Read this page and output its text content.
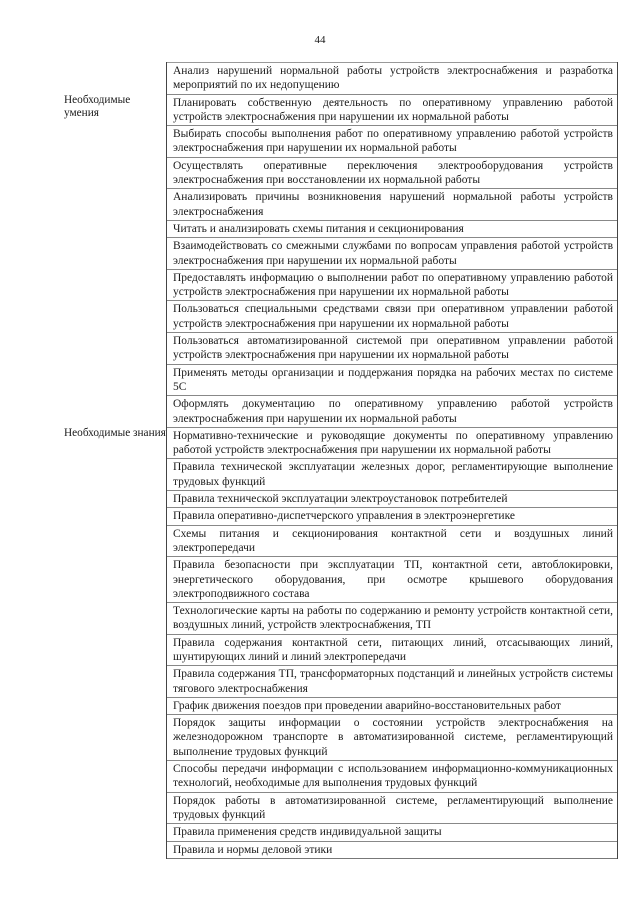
44

	Анализ нарушений нормальной работы устройств электроснабжения и разработка мероприятий по их недопущению

Необходимые умения	Планировать собственную деятельность по оперативному управлению работой устройств электроснабжения при нарушении их нормальной работы

	Выбирать способы выполнения работ по оперативному управлению работой устройств электроснабжения при нарушении их нормальной работы

	Осуществлять оперативные переключения электрооборудования устройств электроснабжения при восстановлении их нормальной работы

	Анализировать причины возникновения нарушений нормальной работы устройств электроснабжения

	Читать и анализировать схемы питания и секционирования

	Взаимодействовать со смежными службами по вопросам управления работой устройств электроснабжения при нарушении их нормальной работы

	Предоставлять информацию о выполнении работ по оперативному управлению работой устройств электроснабжения при нарушении их нормальной работы

	Пользоваться специальными средствами связи при оперативном управлении работой устройств электроснабжения при нарушении их нормальной работы

	Пользоваться автоматизированной системой при оперативном управлении работой устройств электроснабжения при нарушении их нормальной работы

	Применять методы организации и поддержания порядка на рабочих местах по системе 5С

	Оформлять документацию по оперативному управлению работой устройств электроснабжения при нарушении их нормальной работы

Необходимые знания	Нормативно-технические и руководящие документы по оперативному управлению работой устройств электроснабжения при нарушении их нормальной работы

	Правила технической эксплуатации железных дорог, регламентирующие выполнение трудовых функций

	Правила технической эксплуатации электроустановок потребителей

	Правила оперативно-диспетчерского управления в электроэнергетике

	Схемы питания и секционирования контактной сети и воздушных линий электропередачи

	Правила безопасности при эксплуатации ТП, контактной сети, автоблокировки, энергетического оборудования, при осмотре крышевого оборудования электроподвижного состава

	Технологические карты на работы по содержанию и ремонту устройств контактной сети, воздушных линий, устройств электроснабжения, ТП

	Правила содержания контактной сети, питающих линий, отсасывающих линий, шунтирующих линий и линий электропередачи

	Правила содержания ТП, трансформаторных подстанций и линейных устройств системы тягового электроснабжения

	График движения поездов при проведении аварийно-восстановительных работ

	Порядок защиты информации о состоянии устройств электроснабжения на железнодорожном транспорте в автоматизированной системе, регламентирующий выполнение трудовых функций

	Способы передачи информации с использованием информационно-коммуникационных технологий, необходимые для выполнения трудовых функций

	Порядок работы в автоматизированной системе, регламентирующий выполнение трудовых функций

	Правила применения средств индивидуальной защиты

	Правила и нормы деловой этики
